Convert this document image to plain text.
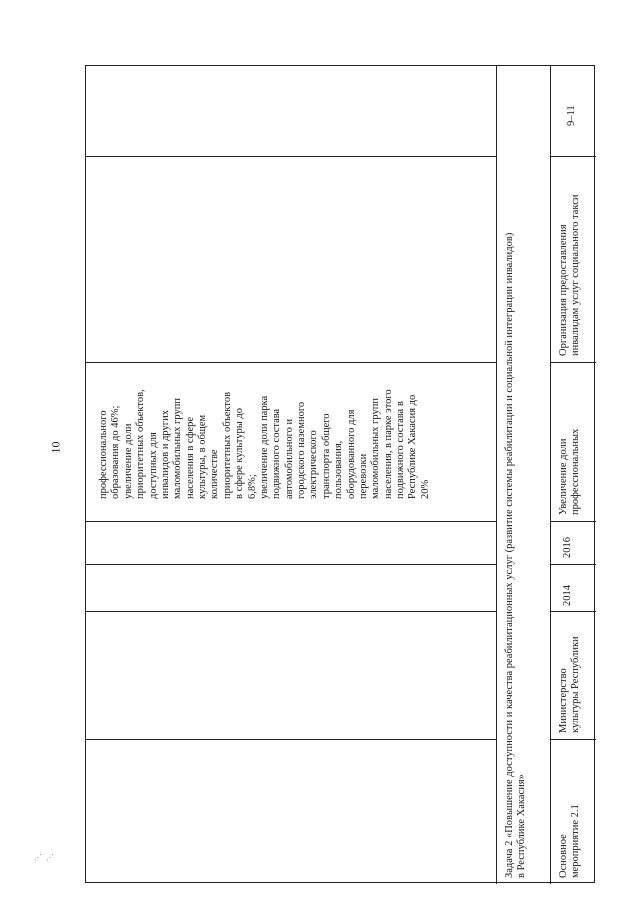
10
⋰ ⋰
профессионального образования до 46%; увеличение доли приоритетных объектов, доступных для инвалидов и других маломобильных групп населения в сфере культуры, в общем количестве приоритетных объектов в сфере культуры до 6,8%; увеличение доли парка подвижного состава автомобильного и городского наземного электрического транспорта общего пользования, оборудованного для перевозки маломобильных групп населения, в парке этого подвижного состава в Республике Хакасия до 20%	Задача 2 «Повышение доступности и качества реабилитационных услуг (развитие системы реабилитации и социальной интеграции инвалидов) в Республике Хакасия»	Основное мероприятие 2.1
Министерство культуры Республики
2014
2016
Увеличение доли профессиональных
Организация предоставления инвалидам услуг социального такси
9–11
